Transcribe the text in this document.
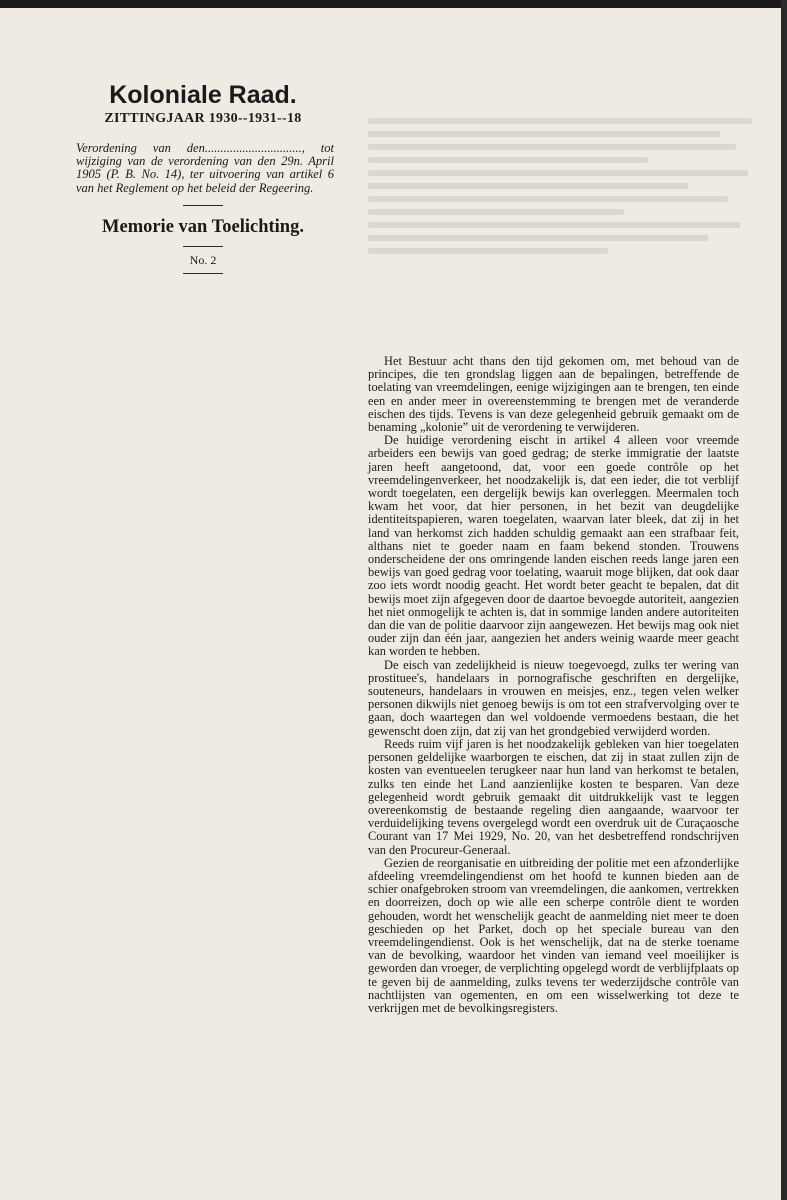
Koloniale Raad.
ZITTINGJAAR 1930--1931--18
Verordening van den..............................., tot wijziging van de verordening van den 29n. April 1905 (P. B. No. 14), ter uitvoering van artikel 6 van het Reglement op het beleid der Regeering.
Memorie van Toelichting.
No. 2

Het Bestuur acht thans den tijd gekomen om, met behoud van de principes, die ten grondslag liggen aan de bepalingen, betreffende de toelating van vreemdelingen, eenige wijzigingen aan te brengen, ten einde een en ander meer in overeenstemming te brengen met de veranderde eischen des tijds. Tevens is van deze gelegenheid gebruik gemaakt om de benaming „kolonie” uit de verordening te verwijderen.

De huidige verordening eischt in artikel 4 alleen voor vreemde arbeiders een bewijs van goed gedrag; de sterke immigratie der laatste jaren heeft aangetoond, dat, voor een goede contrôle op het vreemdelingenverkeer, het noodzakelijk is, dat een ieder, die tot verblijf wordt toegelaten, een dergelijk bewijs kan overleggen. Meermalen toch kwam het voor, dat hier personen, in het bezit van deugdelijke identiteitspapieren, waren toegelaten, waarvan later bleek, dat zij in het land van herkomst zich hadden schuldig gemaakt aan een strafbaar feit, althans niet te goeder naam en faam bekend stonden. Trouwens onderscheidene der ons omringende landen eischen reeds lange jaren een bewijs van goed gedrag voor toelating, waaruit moge blijken, dat ook daar zoo iets wordt noodig geacht. Het wordt beter geacht te bepalen, dat dit bewijs moet zijn afgegeven door de daartoe bevoegde autoriteit, aangezien het niet onmogelijk te achten is, dat in sommige landen andere autoriteiten dan die van de politie daarvoor zijn aangewezen. Het bewijs mag ook niet ouder zijn dan één jaar, aangezien het anders weinig waarde meer geacht kan worden te hebben.

De eisch van zedelijkheid is nieuw toegevoegd, zulks ter wering van prostituee's, handelaars in pornografische geschriften en dergelijke, souteneurs, handelaars in vrouwen en meisjes, enz., tegen velen welker personen dikwijls niet genoeg bewijs is om tot een strafvervolging over te gaan, doch waartegen dan wel voldoende vermoedens bestaan, die het gewenscht doen zijn, dat zij van het grondgebied verwijderd worden.

Reeds ruim vijf jaren is het noodzakelijk gebleken van hier toegelaten personen geldelijke waarborgen te eischen, dat zij in staat zullen zijn de kosten van eventueelen terugkeer naar hun land van herkomst te betalen, zulks ten einde het Land aanzienlijke kosten te besparen. Van deze gelegenheid wordt gebruik gemaakt dit uitdrukkelijk vast te leggen overeenkomstig de bestaande regeling dien aangaande, waarvoor ter verduidelijking tevens overgelegd wordt een overdruk uit de Curaçaosche Courant van 17 Mei 1929, No. 20, van het desbetreffend rondschrijven van den Procureur-Generaal.

Gezien de reorganisatie en uitbreiding der politie met een afzonderlijke afdeeling vreemdelingendienst om het hoofd te kunnen bieden aan de schier onafgebroken stroom van vreemdelingen, die aankomen, vertrekken en doorreizen, doch op wie alle een scherpe contrôle dient te worden gehouden, wordt het wenschelijk geacht de aanmelding niet meer te doen geschieden op het Parket, doch op het speciale bureau van den vreemdelingendienst. Ook is het wenschelijk, dat na de sterke toename van de bevolking, waardoor het vinden van iemand veel moeilijker is geworden dan vroeger, de verplichting opgelegd wordt de verblijfplaats op te geven bij de aanmelding, zulks tevens ter wederzijdsche contrôle van nachtlijsten van ogementen, en om een wisselwerking tot deze te verkrijgen met de bevolkingsregisters.
